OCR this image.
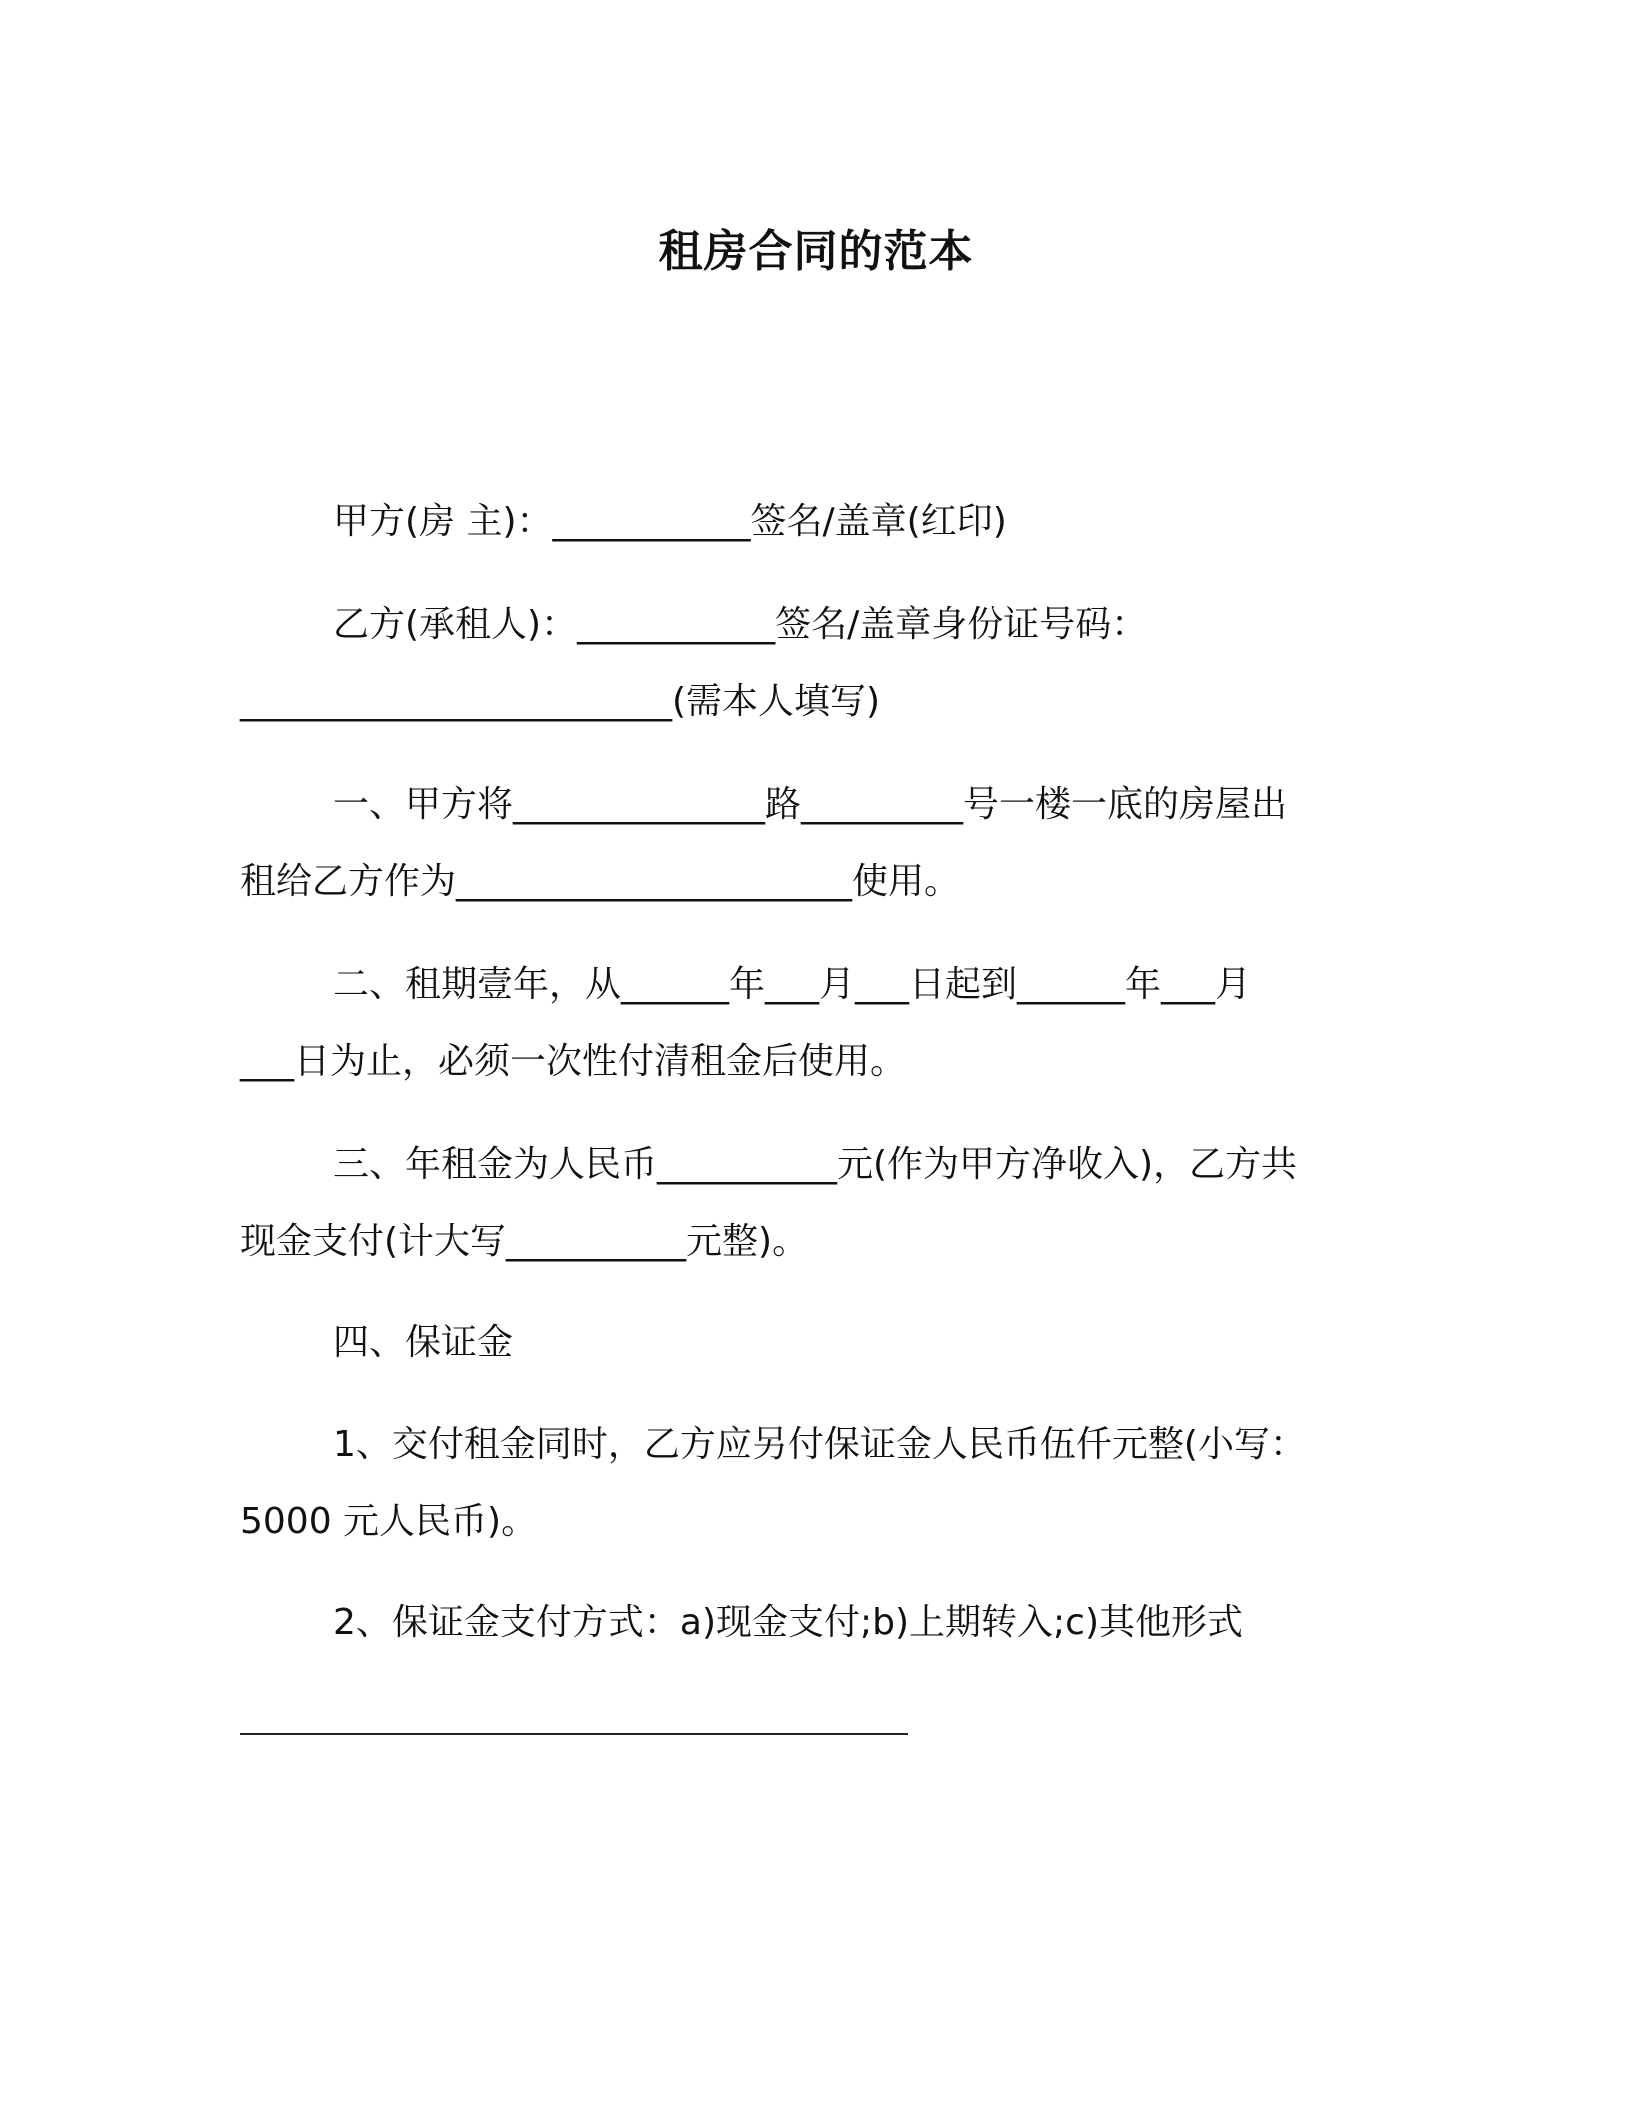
租房合同的范本
甲方(房 主)：___________签名/盖章(红印)
乙方(承租人)：___________签名/盖章身份证号码：
________________________(需本人填写)
一、甲方将______________路_________号一楼一底的房屋出
租给乙方作为______________________使用。
二、租期壹年，从______年___月___日起到______年___月
___日为止，必须一次性付清租金后使用。
三、年租金为人民币__________元(作为甲方净收入)，乙方共
现金支付(计大写__________元整)。
四、保证金
1、交付租金同时，乙方应另付保证金人民币伍仟元整(小写：
5000 元人民币)。
2、保证金支付方式：a)现金支付;b)上期转入;c)其他形式
